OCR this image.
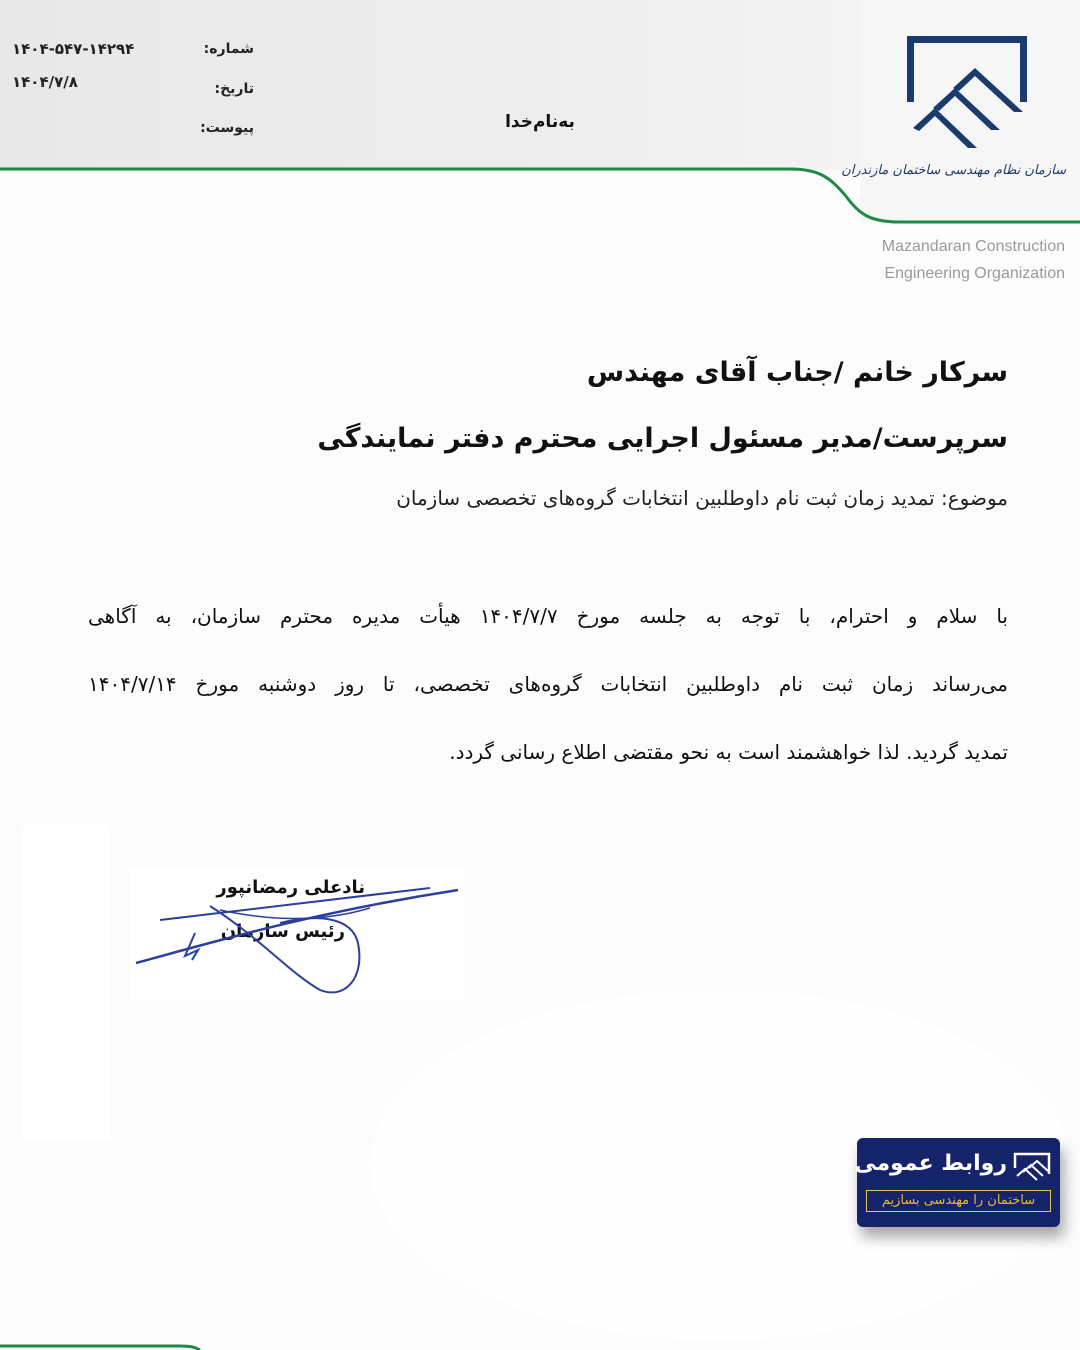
شماره:
۱۴۰۴-۵۴۷-۱۴۲۹۴
تاریخ:
۱۴۰۴/۷/۸
پیوست:	به‌نام‌خدا
سازمان نظام مهندسی ساختمان مازندران
Mazandaran Construction
Engineering Organization
سرکار خانم /جناب آقای مهندس
سرپرست/مدیر مسئول اجرایی محترم دفتر نمایندگی
موضوع: تمدید زمان ثبت نام داوطلبین انتخابات گروه‌های تخصصی سازمان
با سلام و احترام، با توجه به جلسه مورخ ۱۴۰۴/۷/۷ هیأت مدیره محترم سازمان، به آگاهی
می‌رساند زمان ثبت نام داوطلبین انتخابات گروه‌های تخصصی، تا روز دوشنبه مورخ ۱۴۰۴/۷/۱۴
تمدید گردید. لذا خواهشمند است به نحو مقتضی اطلاع رسانی گردد.
نادعلی رمضانپور
رئیس سازمان
روابط عمومی
ساختمان را مهندسی بسازیم
